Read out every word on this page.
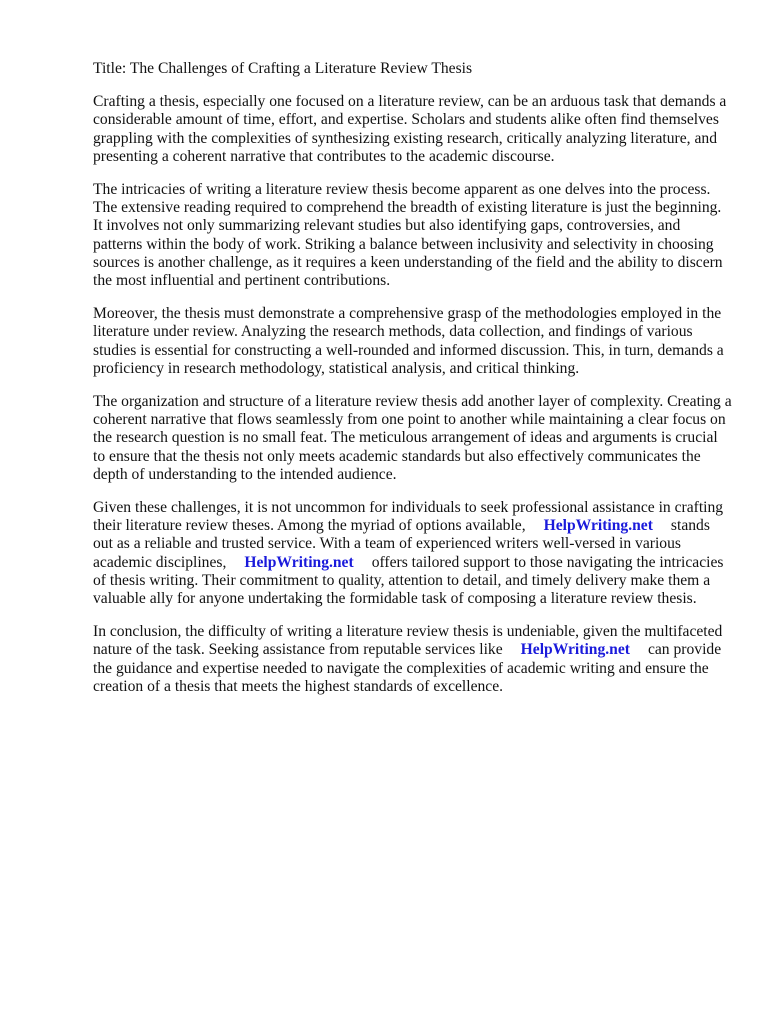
Title: The Challenges of Crafting a Literature Review Thesis

Crafting a thesis, especially one focused on a literature review, can be an arduous task that demands a considerable amount of time, effort, and expertise. Scholars and students alike often find themselves grappling with the complexities of synthesizing existing research, critically analyzing literature, and presenting a coherent narrative that contributes to the academic discourse.

The intricacies of writing a literature review thesis become apparent as one delves into the process. The extensive reading required to comprehend the breadth of existing literature is just the beginning. It involves not only summarizing relevant studies but also identifying gaps, controversies, and patterns within the body of work. Striking a balance between inclusivity and selectivity in choosing sources is another challenge, as it requires a keen understanding of the field and the ability to discern the most influential and pertinent contributions.

Moreover, the thesis must demonstrate a comprehensive grasp of the methodologies employed in the literature under review. Analyzing the research methods, data collection, and findings of various studies is essential for constructing a well-rounded and informed discussion. This, in turn, demands a proficiency in research methodology, statistical analysis, and critical thinking.

The organization and structure of a literature review thesis add another layer of complexity. Creating a coherent narrative that flows seamlessly from one point to another while maintaining a clear focus on the research question is no small feat. The meticulous arrangement of ideas and arguments is crucial to ensure that the thesis not only meets academic standards but also effectively communicates the depth of understanding to the intended audience.

Given these challenges, it is not uncommon for individuals to seek professional assistance in crafting their literature review theses. Among the myriad of options available, HelpWriting.net stands out as a reliable and trusted service. With a team of experienced writers well-versed in various academic disciplines, HelpWriting.net offers tailored support to those navigating the intricacies of thesis writing. Their commitment to quality, attention to detail, and timely delivery make them a valuable ally for anyone undertaking the formidable task of composing a literature review thesis.

In conclusion, the difficulty of writing a literature review thesis is undeniable, given the multifaceted nature of the task. Seeking assistance from reputable services like HelpWriting.net can provide the guidance and expertise needed to navigate the complexities of academic writing and ensure the creation of a thesis that meets the highest standards of excellence.
